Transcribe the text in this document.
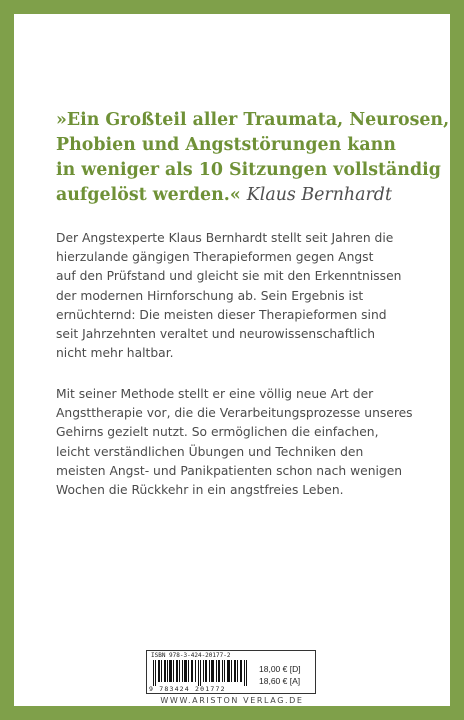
»Ein Großteil aller Traumata, Neurosen,
Phobien und Angststörungen kann
in weniger als 10 Sitzungen vollständig
aufgelöst werden.« Klaus Bernhardt
Der Angstexperte Klaus Bernhardt stellt seit Jahren die
hierzulande gängigen Therapieformen gegen Angst
auf den Prüfstand und gleicht sie mit den Erkenntnissen
der modernen Hirnforschung ab. Sein Ergebnis ist
ernüchternd: Die meisten dieser Therapieformen sind
seit Jahrzehnten veraltet und neurowissenschaftlich
nicht mehr haltbar.
Mit seiner Methode stellt er eine völlig neue Art der
Angsttherapie vor, die die Verarbeitungsprozesse unseres
Gehirns gezielt nutzt. So ermöglichen die einfachen,
leicht verständlichen Übungen und Techniken den
meisten Angst- und Panikpatienten schon nach wenigen
Wochen die Rückkehr in ein angstfreies Leben.
ISBN 978-3-424-20177-2
9 783424 201772
18,00 € [D]
18,60 € [A]
WWW.ARISTON VERLAG.DE
